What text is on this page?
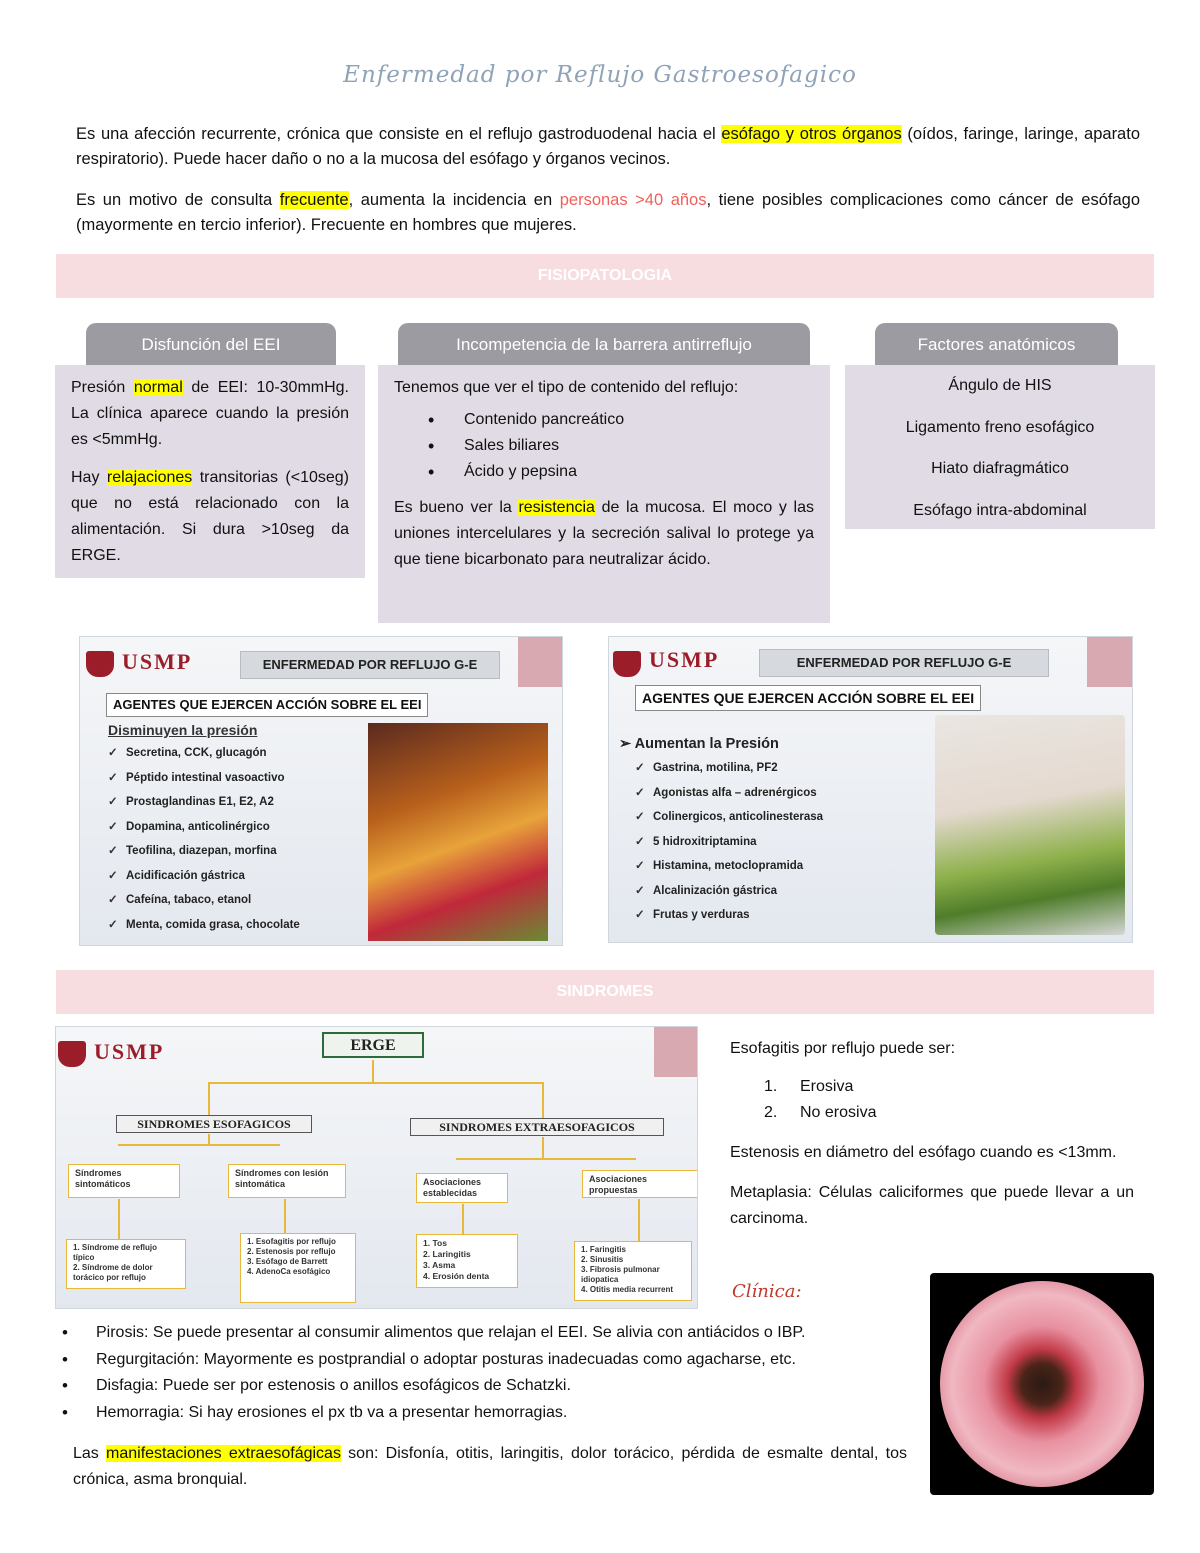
Enfermedad por Reflujo Gastroesofagico

Es una afección recurrente, crónica que consiste en el reflujo gastroduodenal hacia el esófago y otros órganos (oídos, faringe, laringe, aparato respiratorio). Puede hacer daño o no a la mucosa del esófago y órganos vecinos.

Es un motivo de consulta frecuente, aumenta la incidencia en personas >40 años, tiene posibles complicaciones como cáncer de esófago (mayormente en tercio inferior). Frecuente en hombres que mujeres.

FISIOPATOLOGIA
Disfunción del EEI

Presión normal de EEI: 10-30mmHg. La clínica aparece cuando la presión es <5mmHg.

Hay relajaciones transitorias (<10seg) que no está relacionado con la alimentación. Si dura >10seg da ERGE.

Incompetencia de la barrera antirreflujo

Tenemos que ver el tipo de contenido del reflujo:

• Contenido pancreático
• Sales biliares
• Ácido y pepsina

Es bueno ver la resistencia de la mucosa. El moco y las uniones intercelulares y la secreción salival lo protege ya que tiene bicarbonato para neutralizar ácido.

Factores anatómicos
Ángulo de HIS
Ligamento freno esofágico
Hiato diafragmático
Esófago intra-abdominal
USMP	ENFERMEDAD POR REFLUJO G-E
AGENTES QUE EJERCEN ACCIÓN SOBRE EL EEI
Disminuyen la presión
✓ Secretina, CCK, glucagón
✓ Péptido intestinal vasoactivo
✓ Prostaglandinas E1, E2, A2
✓ Dopamina, anticolinérgico
✓ Teofilina, diazepan, morfina
✓ Acidificación gástrica
✓ Cafeína, tabaco, etanol
✓ Menta, comida grasa, chocolate
USMP	ENFERMEDAD POR REFLUJO G-E
AGENTES QUE EJERCEN ACCIÓN SOBRE EL EEI
➢ Aumentan la Presión
✓ Gastrina, motilina, PF2
✓ Agonistas alfa – adrenérgicos
✓ Colinergicos, anticolinesterasa
✓ 5 hidroxitriptamina
✓ Histamina, metoclopramida
✓ Alcalinización gástrica
✓ Frutas y verduras
SINDROMES
USMP	ERGE
SINDROMES ESOFAGICOS	SINDROMES EXTRAESOFAGICOS
Síndromes sintomáticos
Síndromes con lesión sintomática	Asociaciones establecidas
Asociaciones propuestas
1. Síndrome de reflujo típico
2. Síndrome de dolor torácico por reflujo
1. Esofagitis por reflujo
2. Estenosis por reflujo
3. Esófago de Barrett
4. AdenoCa esofágico
1. Tos
2. Laringitis
3. Asma
4. Erosión denta
1. Faringitis
2. Sinusitis
3. Fibrosis pulmonar idiopatica
4. Otitis media recurrent

Esofagitis por reflujo puede ser:

1. Erosiva
2. No erosiva

Estenosis en diámetro del esófago cuando es <13mm.

Metaplasia: Células caliciformes que puede llevar a un carcinoma.

Clínica:
• Pirosis: Se puede presentar al consumir alimentos que relajan el EEI. Se alivia con antiácidos o IBP.
• Regurgitación: Mayormente es postprandial o adoptar posturas inadecuadas como agacharse, etc.
• Disfagia: Puede ser por estenosis o anillos esofágicos de Schatzki.
• Hemorragia: Si hay erosiones el px tb va a presentar hemorragias.

Las manifestaciones extraesofágicas son: Disfonía, otitis, laringitis, dolor torácico, pérdida de esmalte dental, tos crónica, asma bronquial.
